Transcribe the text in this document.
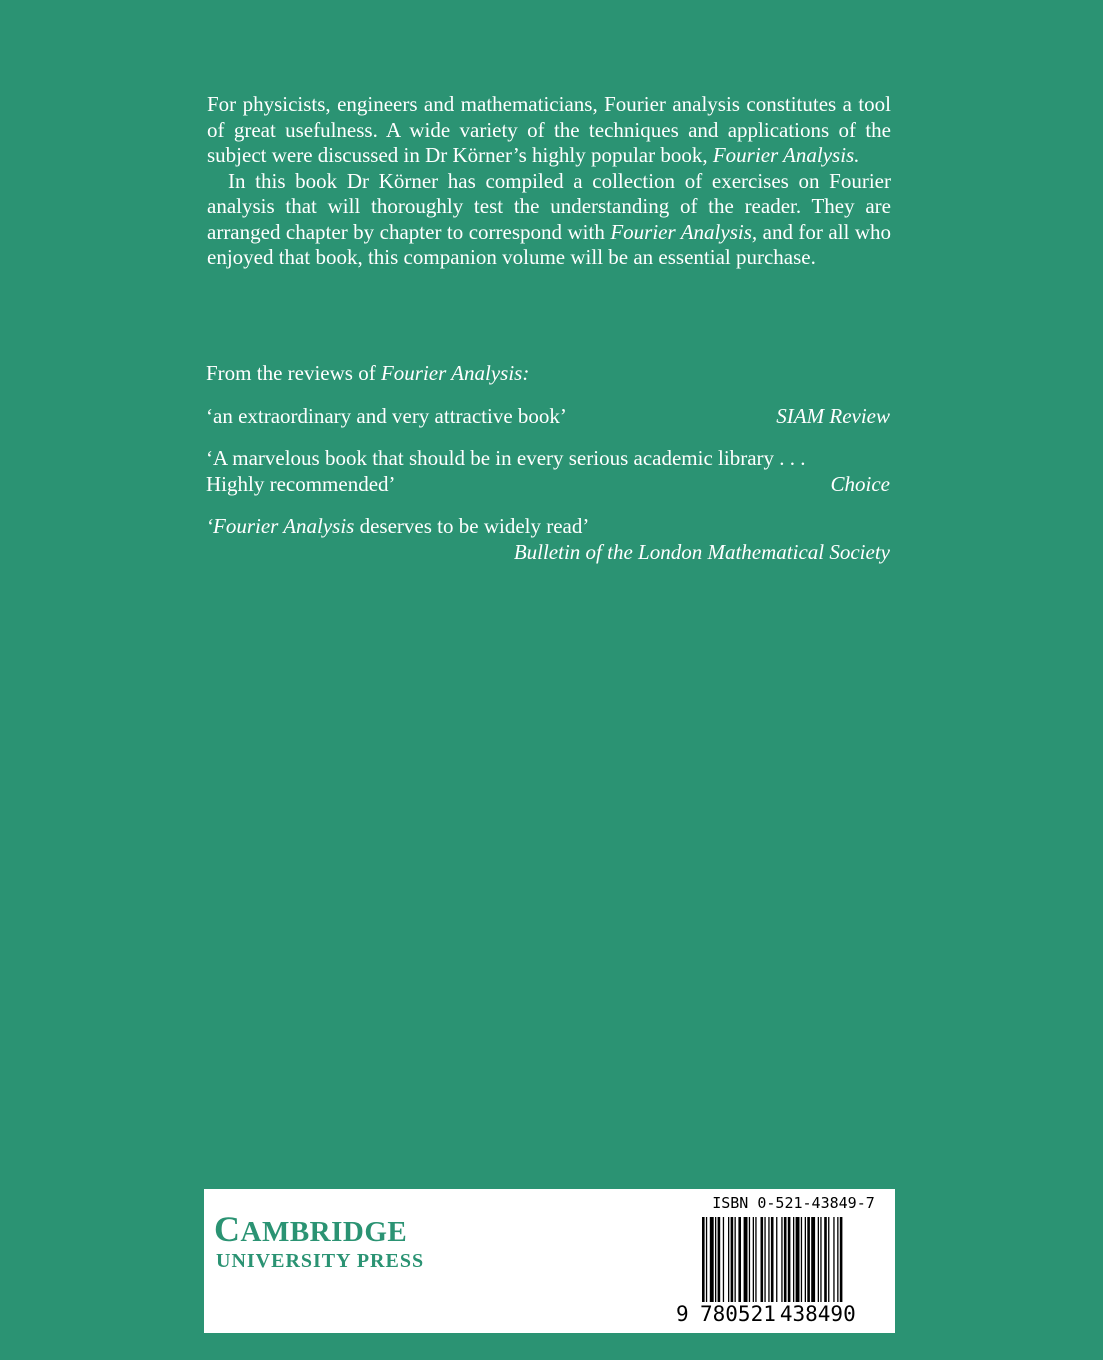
For physicists, engineers and mathematicians, Fourier analysis constitutes a tool of great usefulness. A wide variety of the techniques and applications of the subject were discussed in Dr Körner’s highly popular book, Fourier Analysis.

In this book Dr Körner has compiled a collection of exercises on Fourier analysis that will thoroughly test the understanding of the reader. They are arranged chapter by chapter to correspond with Fourier Analysis, and for all who enjoyed that book, this companion volume will be an essential purchase.

From the reviews of Fourier Analysis:

‘an extraordinary and very attractive book’	SIAM Review
‘A marvelous book that should be in every serious academic library . . .
Highly recommended’	Choice
‘Fourier Analysis deserves to be widely read’
Bulletin of the London Mathematical Society
CAMBRIDGE
UNIVERSITY PRESS
ISBN 0-521-43849-7
9 780521 438490
